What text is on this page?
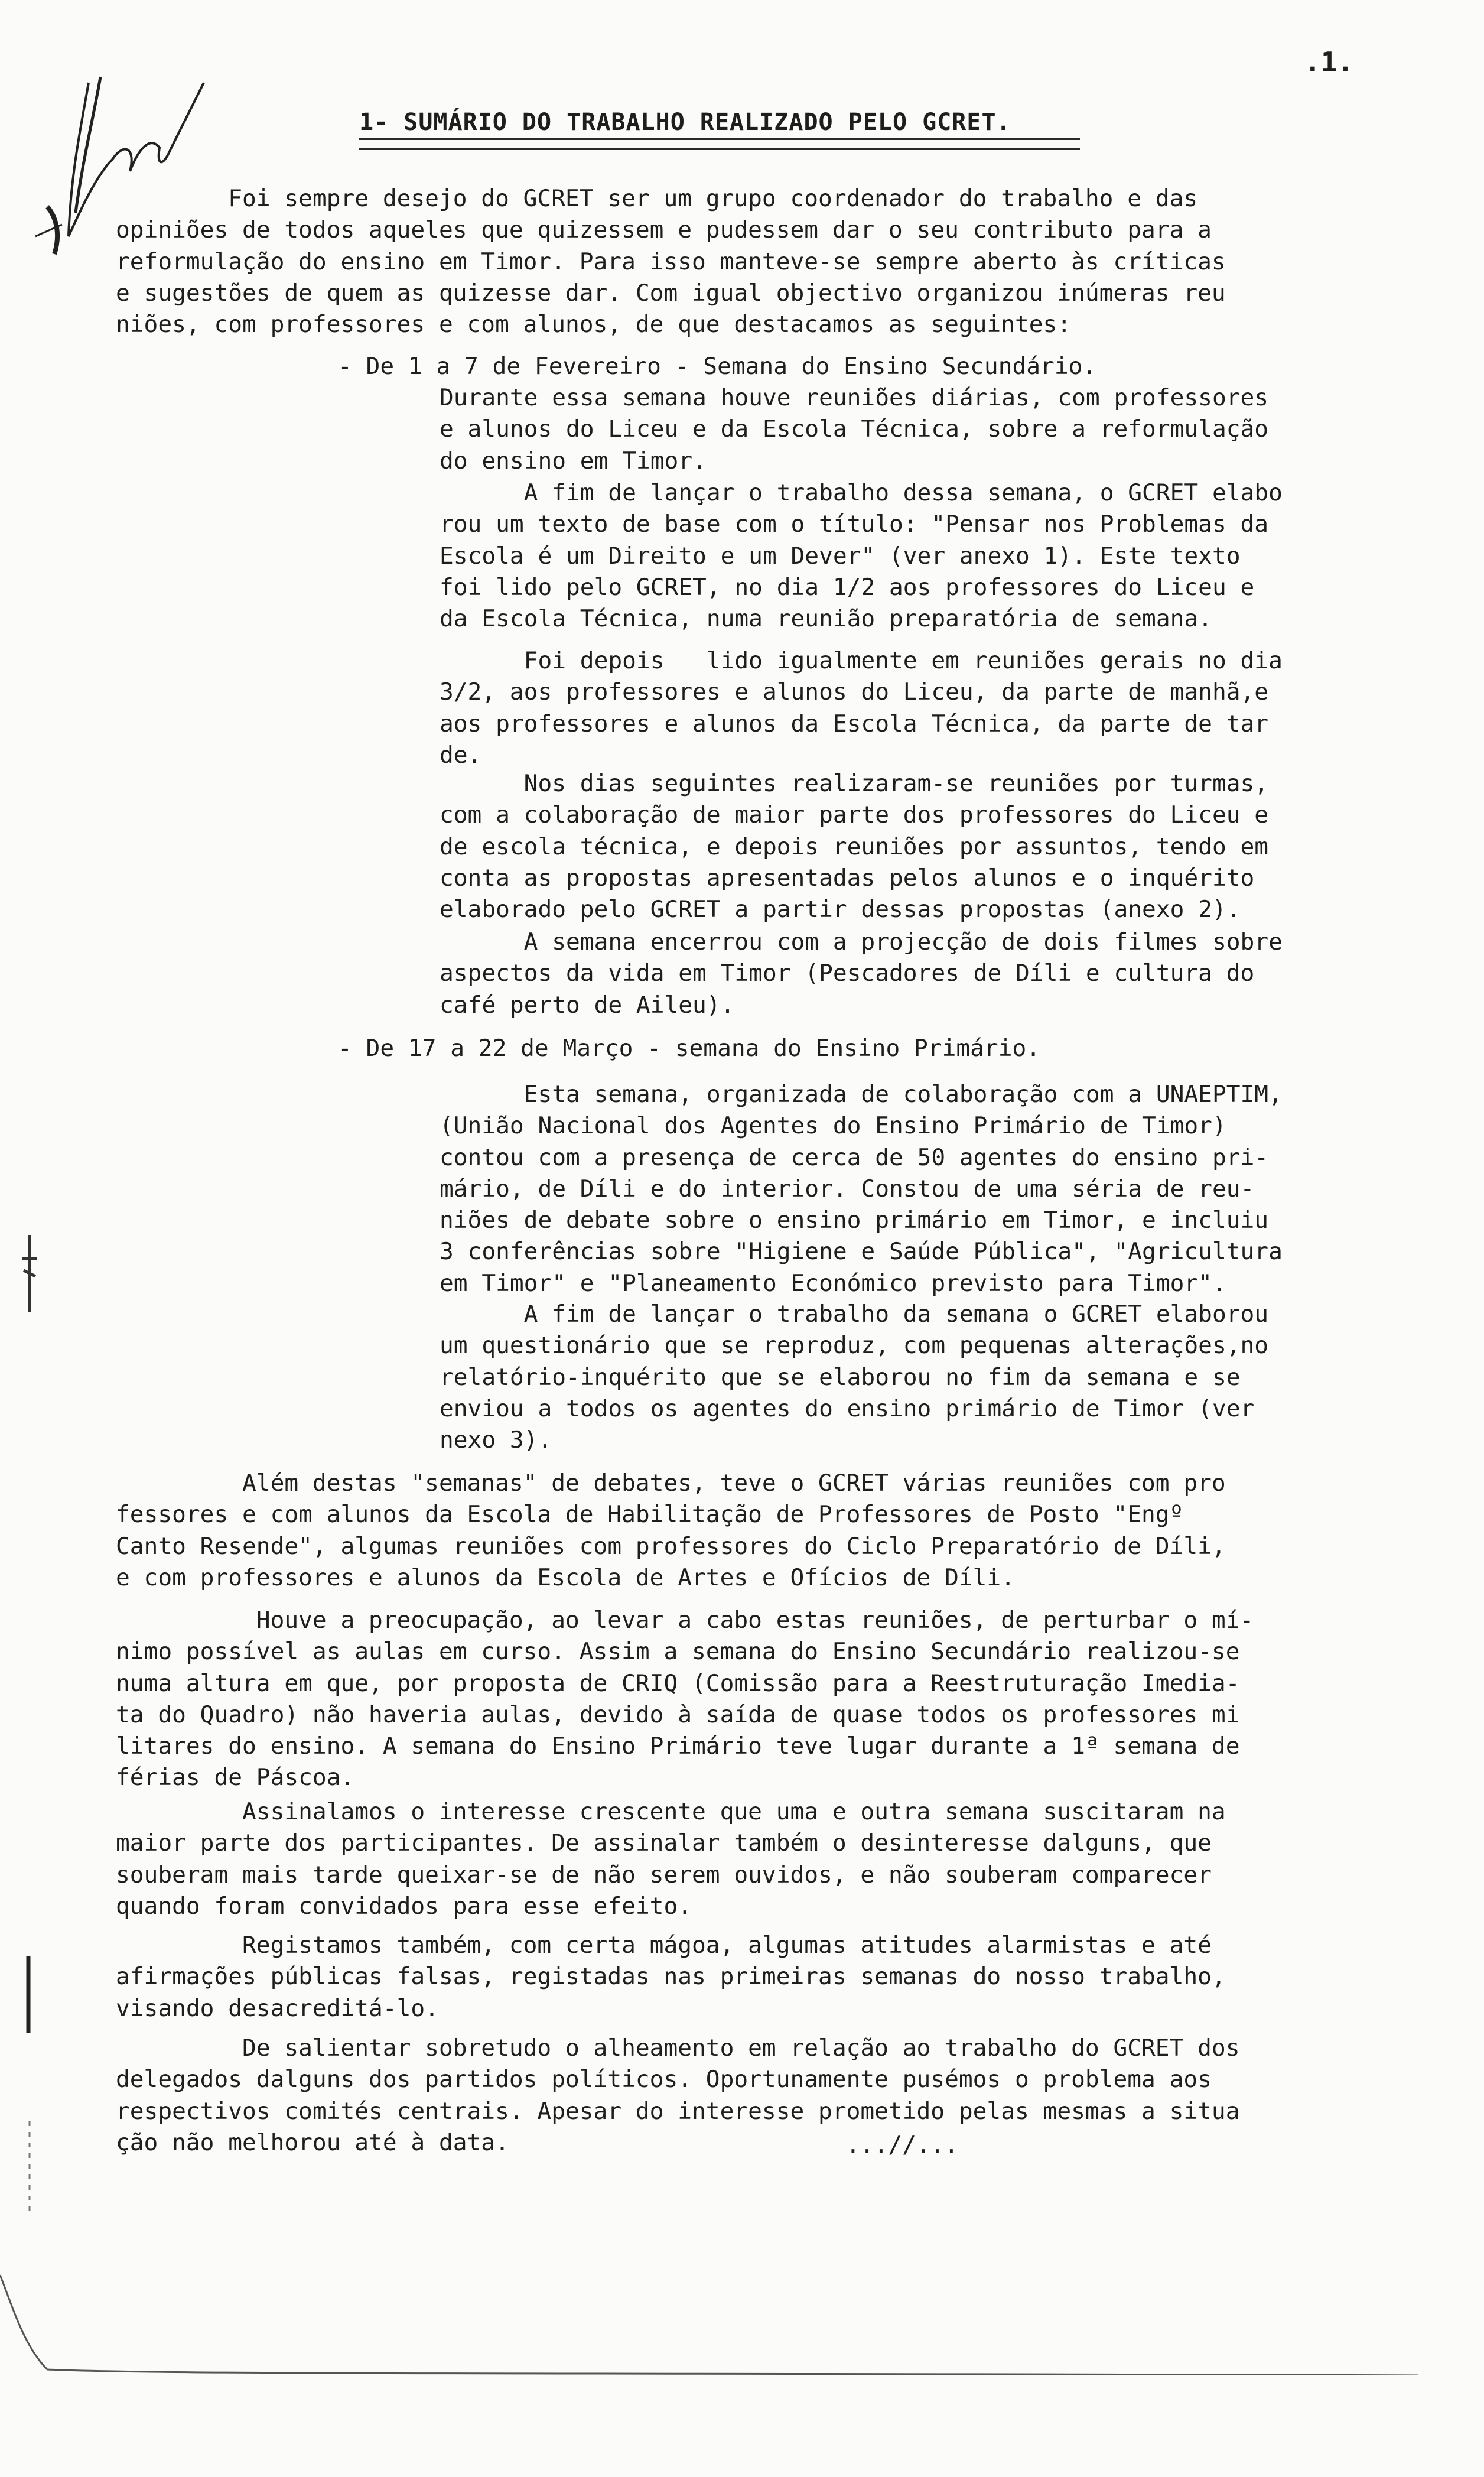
.1.
1- SUMÁRIO DO TRABALHO REALIZADO PELO GCRET.
Foi sempre desejo do GCRET ser um grupo coordenador do trabalho e das
opiniões de todos aqueles que quizessem e pudessem dar o seu contributo para a
reformulação do ensino em Timor. Para isso manteve-se sempre aberto às críticas
e sugestões de quem as quizesse dar. Com igual objectivo organizou inúmeras reu
niões, com professores e com alunos, de que destacamos as seguintes:
- De 1 a 7 de Fevereiro - Semana do Ensino Secundário.
Durante essa semana houve reuniões diárias, com professores
e alunos do Liceu e da Escola Técnica, sobre a reformulação
do ensino em Timor.
A fim de lançar o trabalho dessa semana, o GCRET elabo
rou um texto de base com o título: "Pensar nos Problemas da
Escola é um Direito e um Dever" (ver anexo 1). Este texto
foi lido pelo GCRET, no dia 1/2 aos professores do Liceu e
da Escola Técnica, numa reunião preparatória de semana.
Foi depois   lido igualmente em reuniões gerais no dia
3/2, aos professores e alunos do Liceu, da parte de manhã,e
aos professores e alunos da Escola Técnica, da parte de tar
de.
Nos dias seguintes realizaram-se reuniões por turmas,
com a colaboração de maior parte dos professores do Liceu e
de escola técnica, e depois reuniões por assuntos, tendo em
conta as propostas apresentadas pelos alunos e o inquérito
elaborado pelo GCRET a partir dessas propostas (anexo 2).
A semana encerrou com a projecção de dois filmes sobre
aspectos da vida em Timor (Pescadores de Díli e cultura do
café perto de Aileu).
- De 17 a 22 de Março - semana do Ensino Primário.
Esta semana, organizada de colaboração com a UNAEPTIM,
(União Nacional dos Agentes do Ensino Primário de Timor)
contou com a presença de cerca de 50 agentes do ensino pri-
mário, de Díli e do interior. Constou de uma séria de reu-
niões de debate sobre o ensino primário em Timor, e incluiu
3 conferências sobre "Higiene e Saúde Pública", "Agricultura
em Timor" e "Planeamento Económico previsto para Timor".
A fim de lançar o trabalho da semana o GCRET elaborou
um questionário que se reproduz, com pequenas alterações,no
relatório-inquérito que se elaborou no fim da semana e se
enviou a todos os agentes do ensino primário de Timor (ver
nexo 3).
Além destas "semanas" de debates, teve o GCRET várias reuniões com pro
fessores e com alunos da Escola de Habilitação de Professores de Posto "Engº
Canto Resende", algumas reuniões com professores do Ciclo Preparatório de Díli,
e com professores e alunos da Escola de Artes e Ofícios de Díli.
Houve a preocupação, ao levar a cabo estas reuniões, de perturbar o mí-
nimo possível as aulas em curso. Assim a semana do Ensino Secundário realizou-se
numa altura em que, por proposta de CRIQ (Comissão para a Reestruturação Imedia-
ta do Quadro) não haveria aulas, devido à saída de quase todos os professores mi
litares do ensino. A semana do Ensino Primário teve lugar durante a 1ª semana de
férias de Páscoa.
Assinalamos o interesse crescente que uma e outra semana suscitaram na
maior parte dos participantes. De assinalar também o desinteresse dalguns, que
souberam mais tarde queixar-se de não serem ouvidos, e não souberam comparecer
quando foram convidados para esse efeito.
Registamos também, com certa mágoa, algumas atitudes alarmistas e até
afirmações públicas falsas, registadas nas primeiras semanas do nosso trabalho,
visando desacreditá-lo.
De salientar sobretudo o alheamento em relação ao trabalho do GCRET dos
delegados dalguns dos partidos políticos. Oportunamente pusémos o problema aos
respectivos comités centrais. Apesar do interesse prometido pelas mesmas a situa
ção não melhorou até à data.	...//...
